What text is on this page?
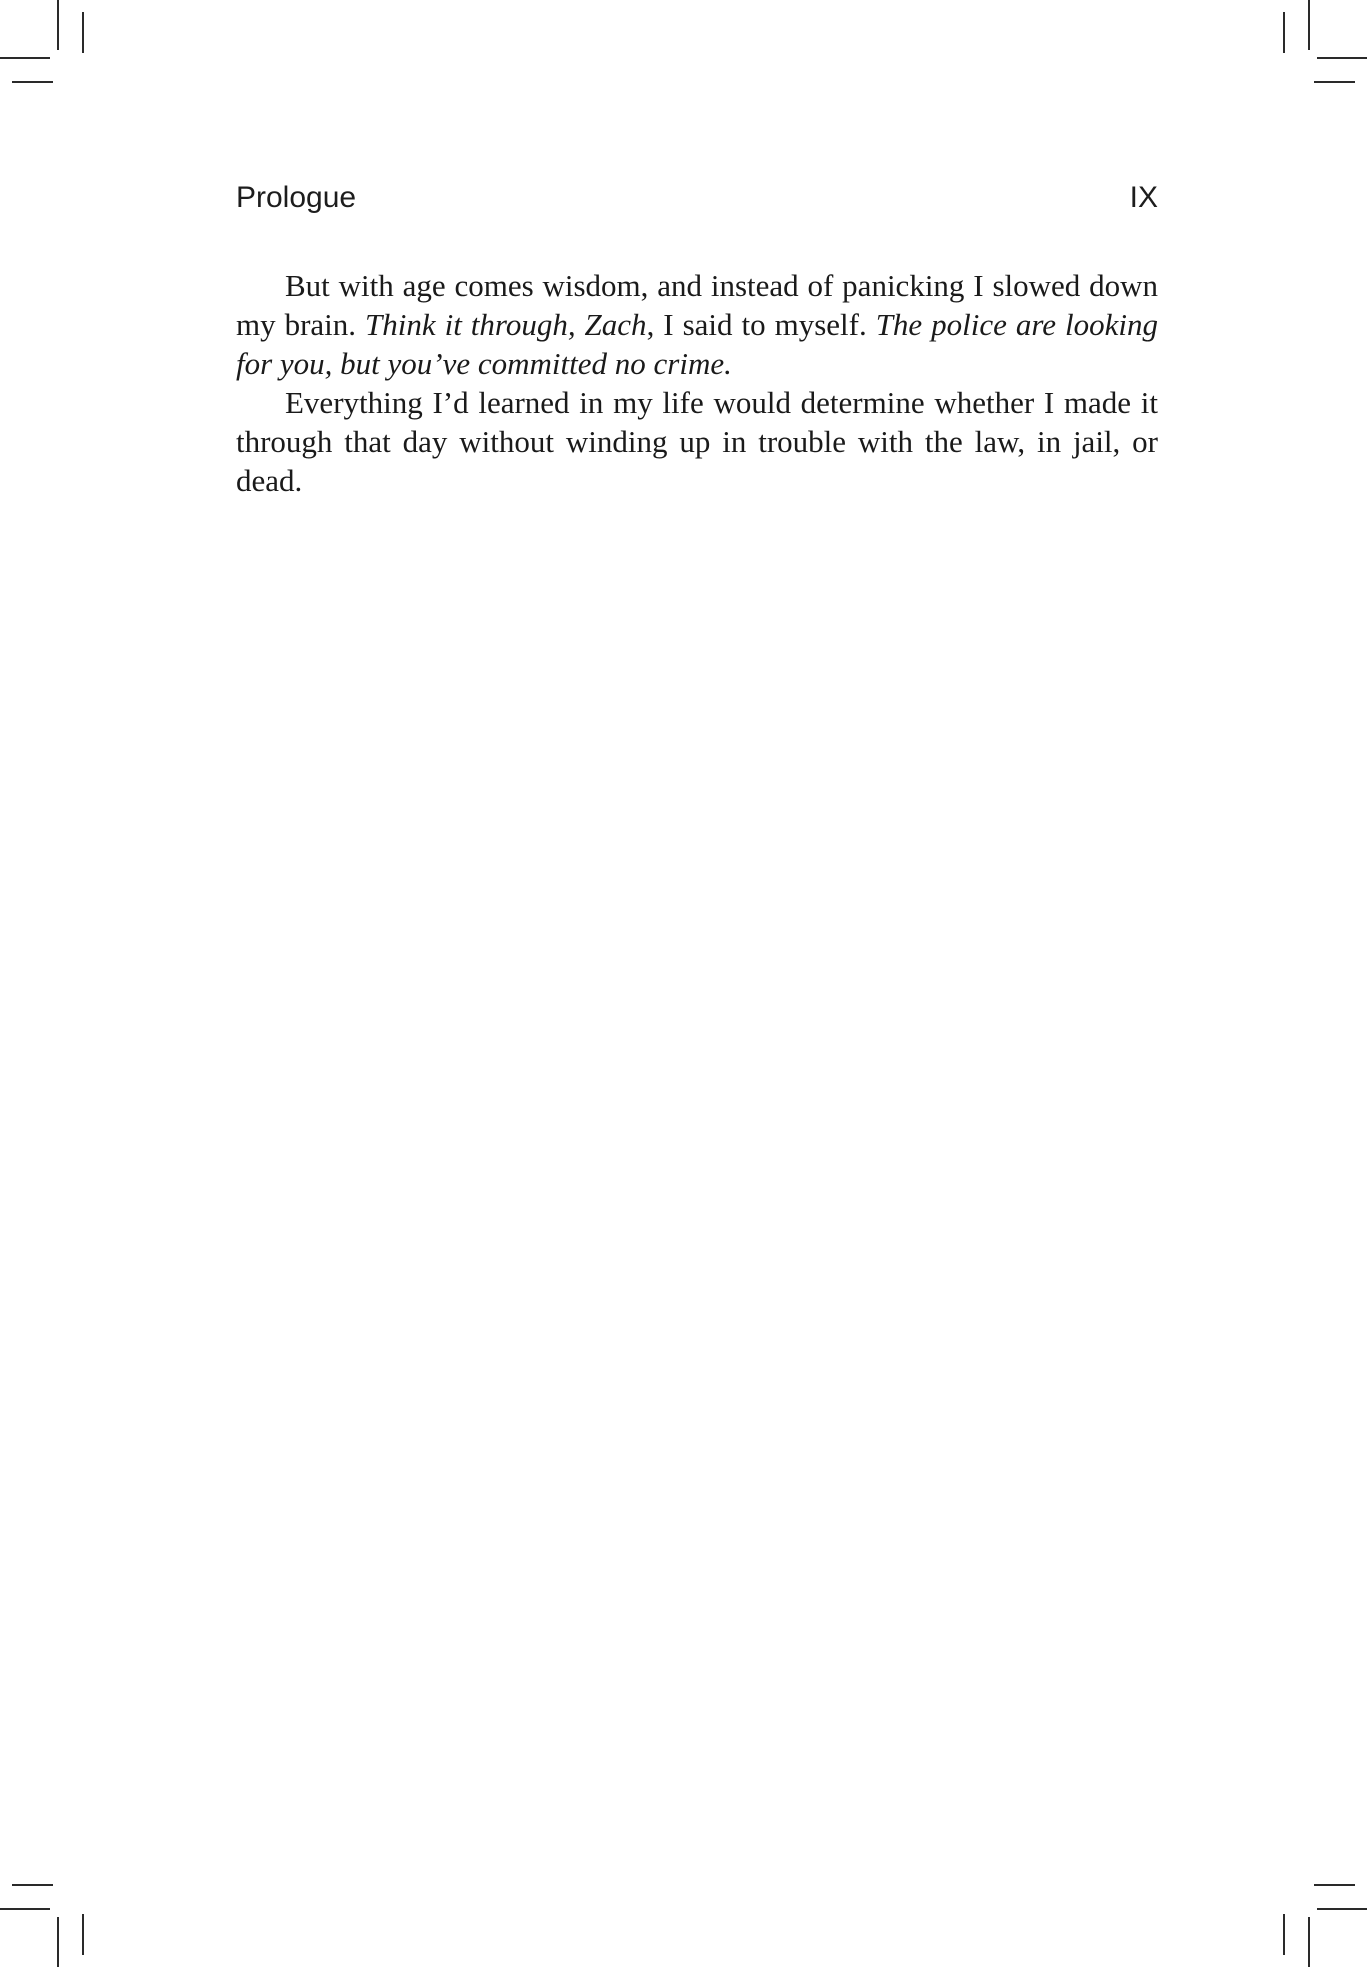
Prologue	IX

But with age comes wisdom, and instead of panicking I slowed down my brain. Think it through, Zach, I said to myself. The police are looking for you, but you’ve committed no crime.

Everything I’d learned in my life would determine whether I made it through that day without winding up in trouble with the law, in jail, or dead.
